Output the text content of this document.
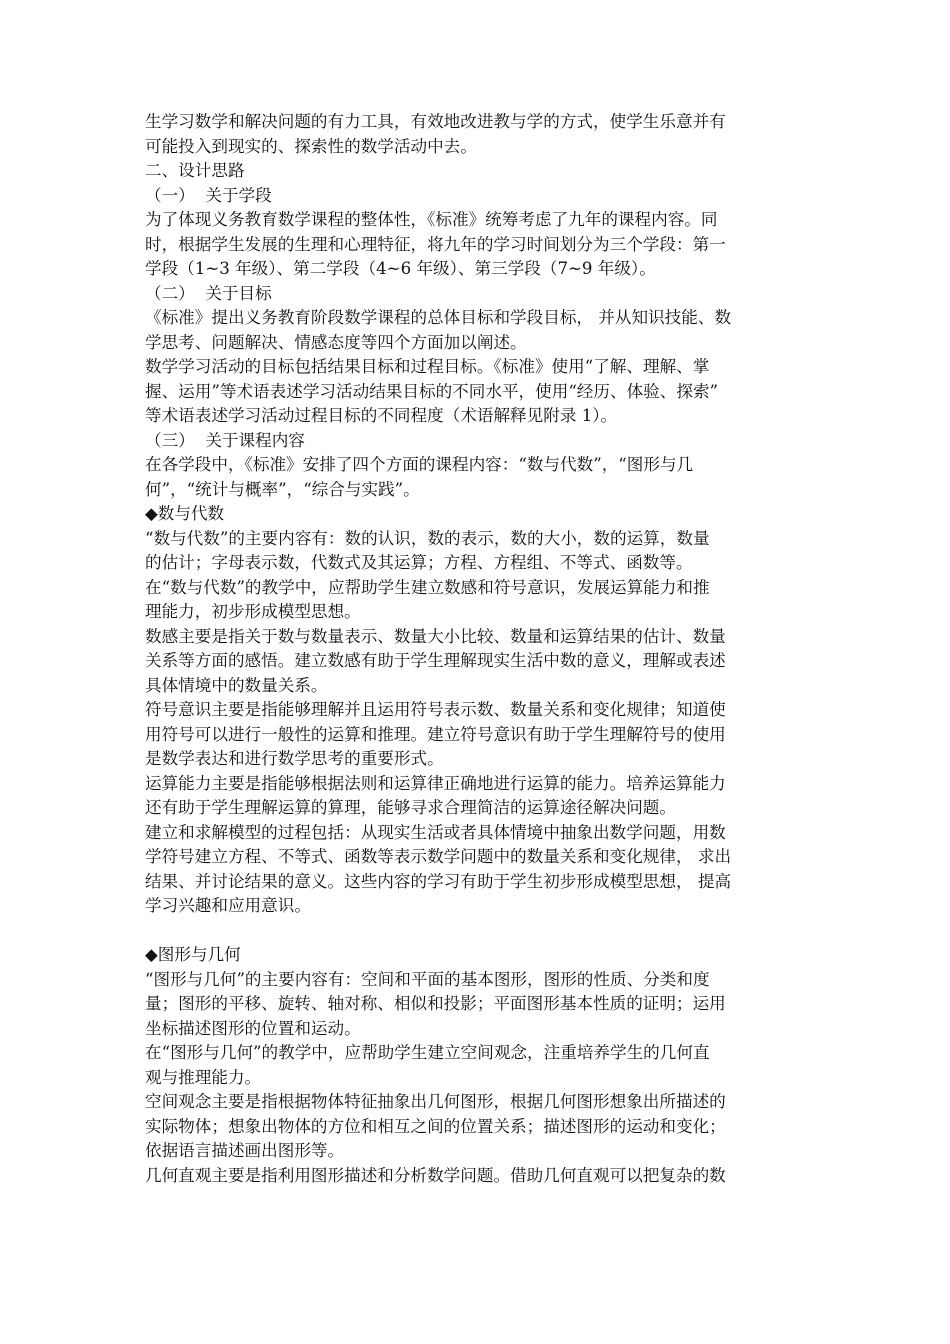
生学习数学和解决问题的有力工具，有效地改进教与学的方式，使学生乐意并有
可能投入到现实的、探索性的数学活动中去。
二、设计思路
（一）  关于学段
为了体现义务教育数学课程的整体性，《标准》统筹考虑了九年的课程内容。同
时，根据学生发展的生理和心理特征，将九年的学习时间划分为三个学段：第一
学段（1~3 年级）、第二学段（4~6 年级）、第三学段（7~9 年级）。
（二）  关于目标
《标准》提出义务教育阶段数学课程的总体目标和学段目标， 并从知识技能、数
学思考、问题解决、情感态度等四个方面加以阐述。
数学学习活动的目标包括结果目标和过程目标。《标准》使用“了解、理解、掌
握、运用”等术语表述学习活动结果目标的不同水平，使用“经历、体验、探索”
等术语表述学习活动过程目标的不同程度（术语解释见附录 1）。
（三）  关于课程内容
在各学段中，《标准》安排了四个方面的课程内容：“数与代数”，“图形与几
何”，“统计与概率”，“综合与实践”。
◆数与代数
“数与代数”的主要内容有：数的认识，数的表示，数的大小，数的运算，数量
的估计；字母表示数，代数式及其运算；方程、方程组、不等式、函数等。
在“数与代数”的教学中，应帮助学生建立数感和符号意识，发展运算能力和推
理能力，初步形成模型思想。
数感主要是指关于数与数量表示、数量大小比较、数量和运算结果的估计、数量
关系等方面的感悟。建立数感有助于学生理解现实生活中数的意义，理解或表述
具体情境中的数量关系。
符号意识主要是指能够理解并且运用符号表示数、数量关系和变化规律；知道使
用符号可以进行一般性的运算和推理。建立符号意识有助于学生理解符号的使用
是数学表达和进行数学思考的重要形式。
运算能力主要是指能够根据法则和运算律正确地进行运算的能力。培养运算能力
还有助于学生理解运算的算理，能够寻求合理简洁的运算途径解决问题。
建立和求解模型的过程包括：从现实生活或者具体情境中抽象出数学问题，用数
学符号建立方程、不等式、函数等表示数学问题中的数量关系和变化规律， 求出
结果、并讨论结果的意义。这些内容的学习有助于学生初步形成模型思想， 提高
学习兴趣和应用意识。
◆图形与几何
“图形与几何”的主要内容有：空间和平面的基本图形，图形的性质、分类和度
量；图形的平移、旋转、轴对称、相似和投影；平面图形基本性质的证明；运用
坐标描述图形的位置和运动。
在“图形与几何”的教学中，应帮助学生建立空间观念，注重培养学生的几何直
观与推理能力。
空间观念主要是指根据物体特征抽象出几何图形，根据几何图形想象出所描述的
实际物体；想象出物体的方位和相互之间的位置关系；描述图形的运动和变化；
依据语言描述画出图形等。
几何直观主要是指利用图形描述和分析数学问题。借助几何直观可以把复杂的数
